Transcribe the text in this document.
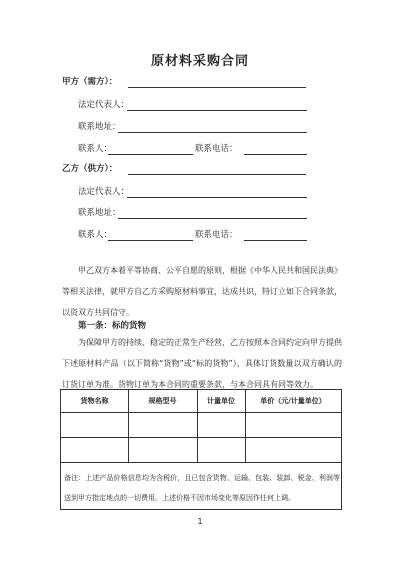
原材料采购合同
甲方（需方）：
法定代表人：
联系地址：
联系人：	联系电话：
乙方（供方）：
法定代表人：
联系地址：
联系人：	联系电话：
甲乙双方本着平等协商、公平自愿的原则，根据《中华人民共和国民法典》等相关法律，就甲方自乙方采购原材料事宜，达成共识，特订立如下合同条款，以资双方共同信守。
第一条：标的货物
为保障甲方的持续、稳定的正常生产经营，乙方按照本合同约定向甲方提供下述原材料产品（以下简称“货物”或“标的货物”），具体订货数量以双方确认的订货订单为准。货物订单为本合同的重要条款，与本合同具有同等效力。
货物名称	规格型号	计量单位	单价（元/计量单位）
备注：上述产品价格信息均为含税价，且已包含货物、运输、包装、装卸、税金、利润等送到甲方指定地点的一切费用。上述价格不因市场变化等原因作任何上调。
1
